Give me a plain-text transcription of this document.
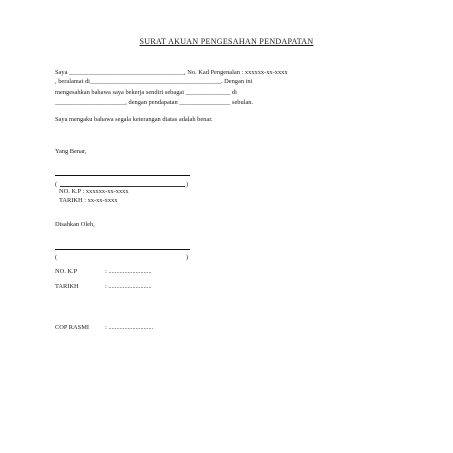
SURAT AKUAN PENGESAHAN PENDAPATAN
Saya ____________________________________, No. Kad Pengenalan : xxxxxx-xx-xxxx
, beralamat di_________________________________________. Dengan ini
mengesahkan bahawa saya bekerja sendiri sebagai ______________ di
______________________, dengan pendapatan ________________ sebulan.
Saya mengaku bahawa segala keterangan diatas adalah benar.
Yang Benar,
(	)
NO. K.P : xxxxxx-xx-xxxx
TARIKH : xx-xx-xxxx
Disahkan Oleh,
(	)
NO. K.P	: ...........................
TARIKH	: ...........................
COP RASMI : ............................
